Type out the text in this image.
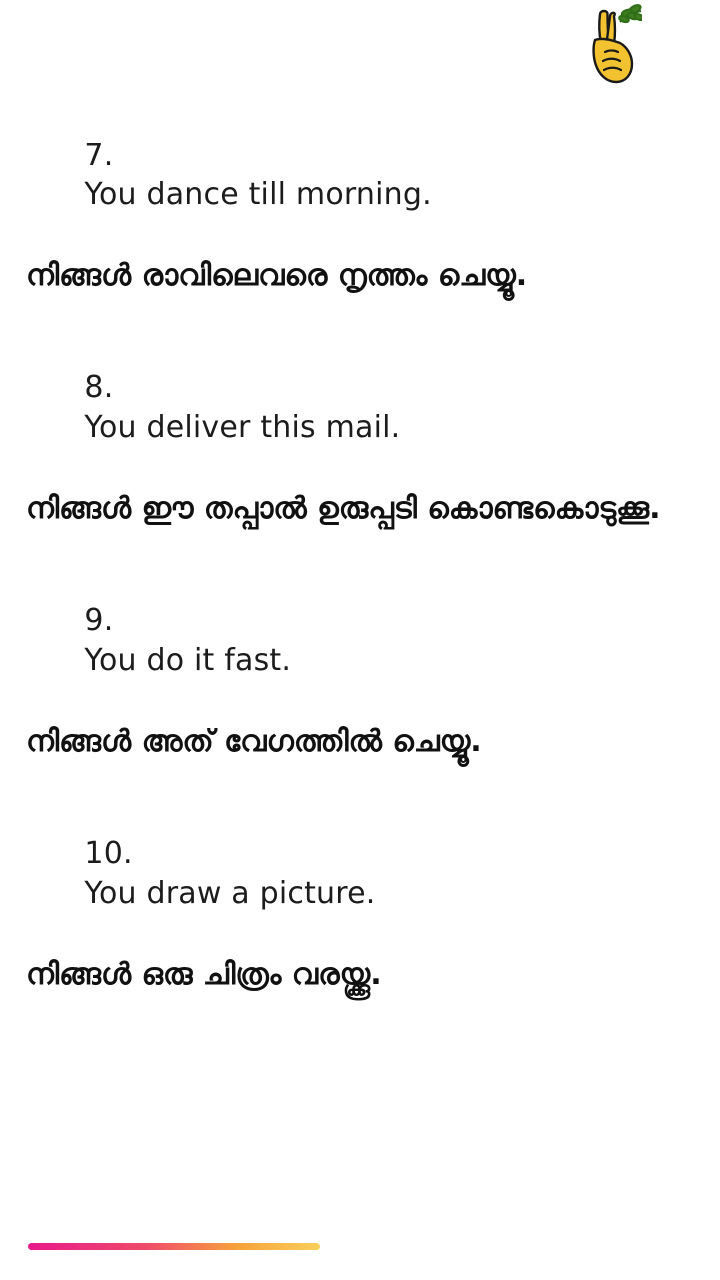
7.
You dance till morning.

നിങ്ങൾ രാവിലെവരെ നൃത്തം ചെയ്യൂ.

8.
You deliver this mail.

നിങ്ങൾ ഈ തപ്പാൽ ഉരുപ്പടി കൊണ്ടകൊടുക്കൂ.

9.
You do it fast.

നിങ്ങൾ അത് വേഗത്തിൽ ചെയ്യൂ.

10.
You draw a picture.

നിങ്ങൾ ഒരു ചിത്രം വരയ്ക്കൂ.
